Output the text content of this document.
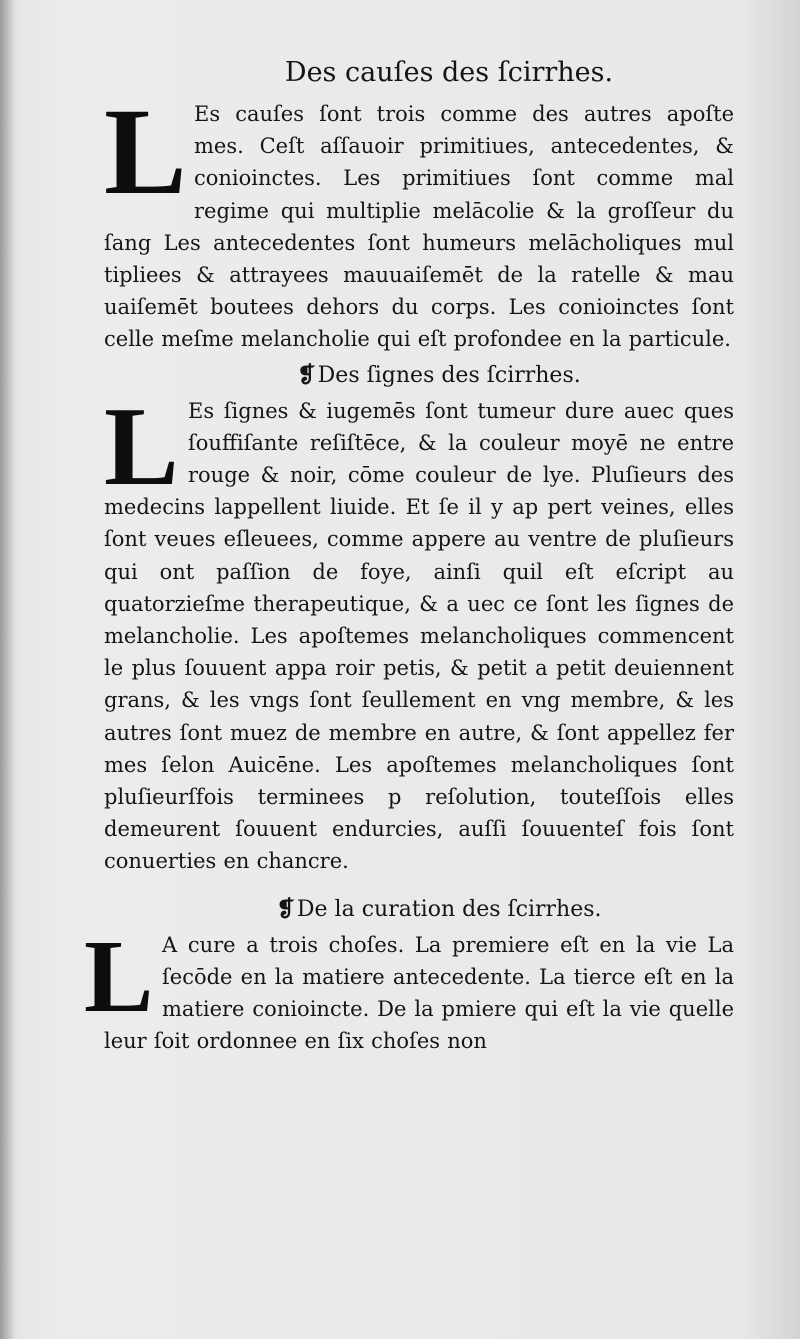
Des cauſes des ſcirrhes.
L Es cauſes ſont trois comme des autres apoſte mes. Ceſt aſſauoir primitiues, antecedentes, & conioinctes. Les primitiues ſont comme mal regime qui multiplie melācolie & la groſſeur du ſang Les antecedentes ſont humeurs melācholiques mul tipliees & attrayees mauuaiſemēt de la ratelle & mau uaiſemēt boutees dehors du corps. Les conioinctes ſont celle meſme melancholie qui eſt profondee en la particule.

❡Des ſignes des ſcirrhes.
L Es ſignes & iugemēs ſont tumeur dure auec ques ſouffiſante reſiſtēce, & la couleur moyē ne entre rouge & noir, cōme couleur de lye. Pluſieurs des medecins lappellent liuide. Et ſe il y ap pert veines, elles ſont veues eſleuees, comme appere au ventre de pluſieurs qui ont paſſion de foye, ainſi quil eſt eſcript au quatorzieſme therapeutique, & a uec ce ſont les ſignes de melancholie. Les apoſtemes melancholiques commencent le plus ſouuent appa roir petis, & petit a petit deuiennent grans, & les vngs ſont ſeullement en vng membre, & les autres ſont muez de membre en autre, & ſont appellez fer mes ſelon Auicēne. Les apoſtemes melancholiques ſont pluſieurſfois terminees p reſolution, touteſſois elles demeurent ſouuent endurcies, auſſi ſouuenteſ fois ſont conuerties en chancre.

❡De la curation des ſcirrhes.
L A cure a trois choſes. La premiere eſt en la vie La ſecōde en la matiere antecedente. La tierce eſt en la matiere conioincte. De la pmiere qui eſt la vie quelle leur ſoit ordonnee en ſix choſes non
